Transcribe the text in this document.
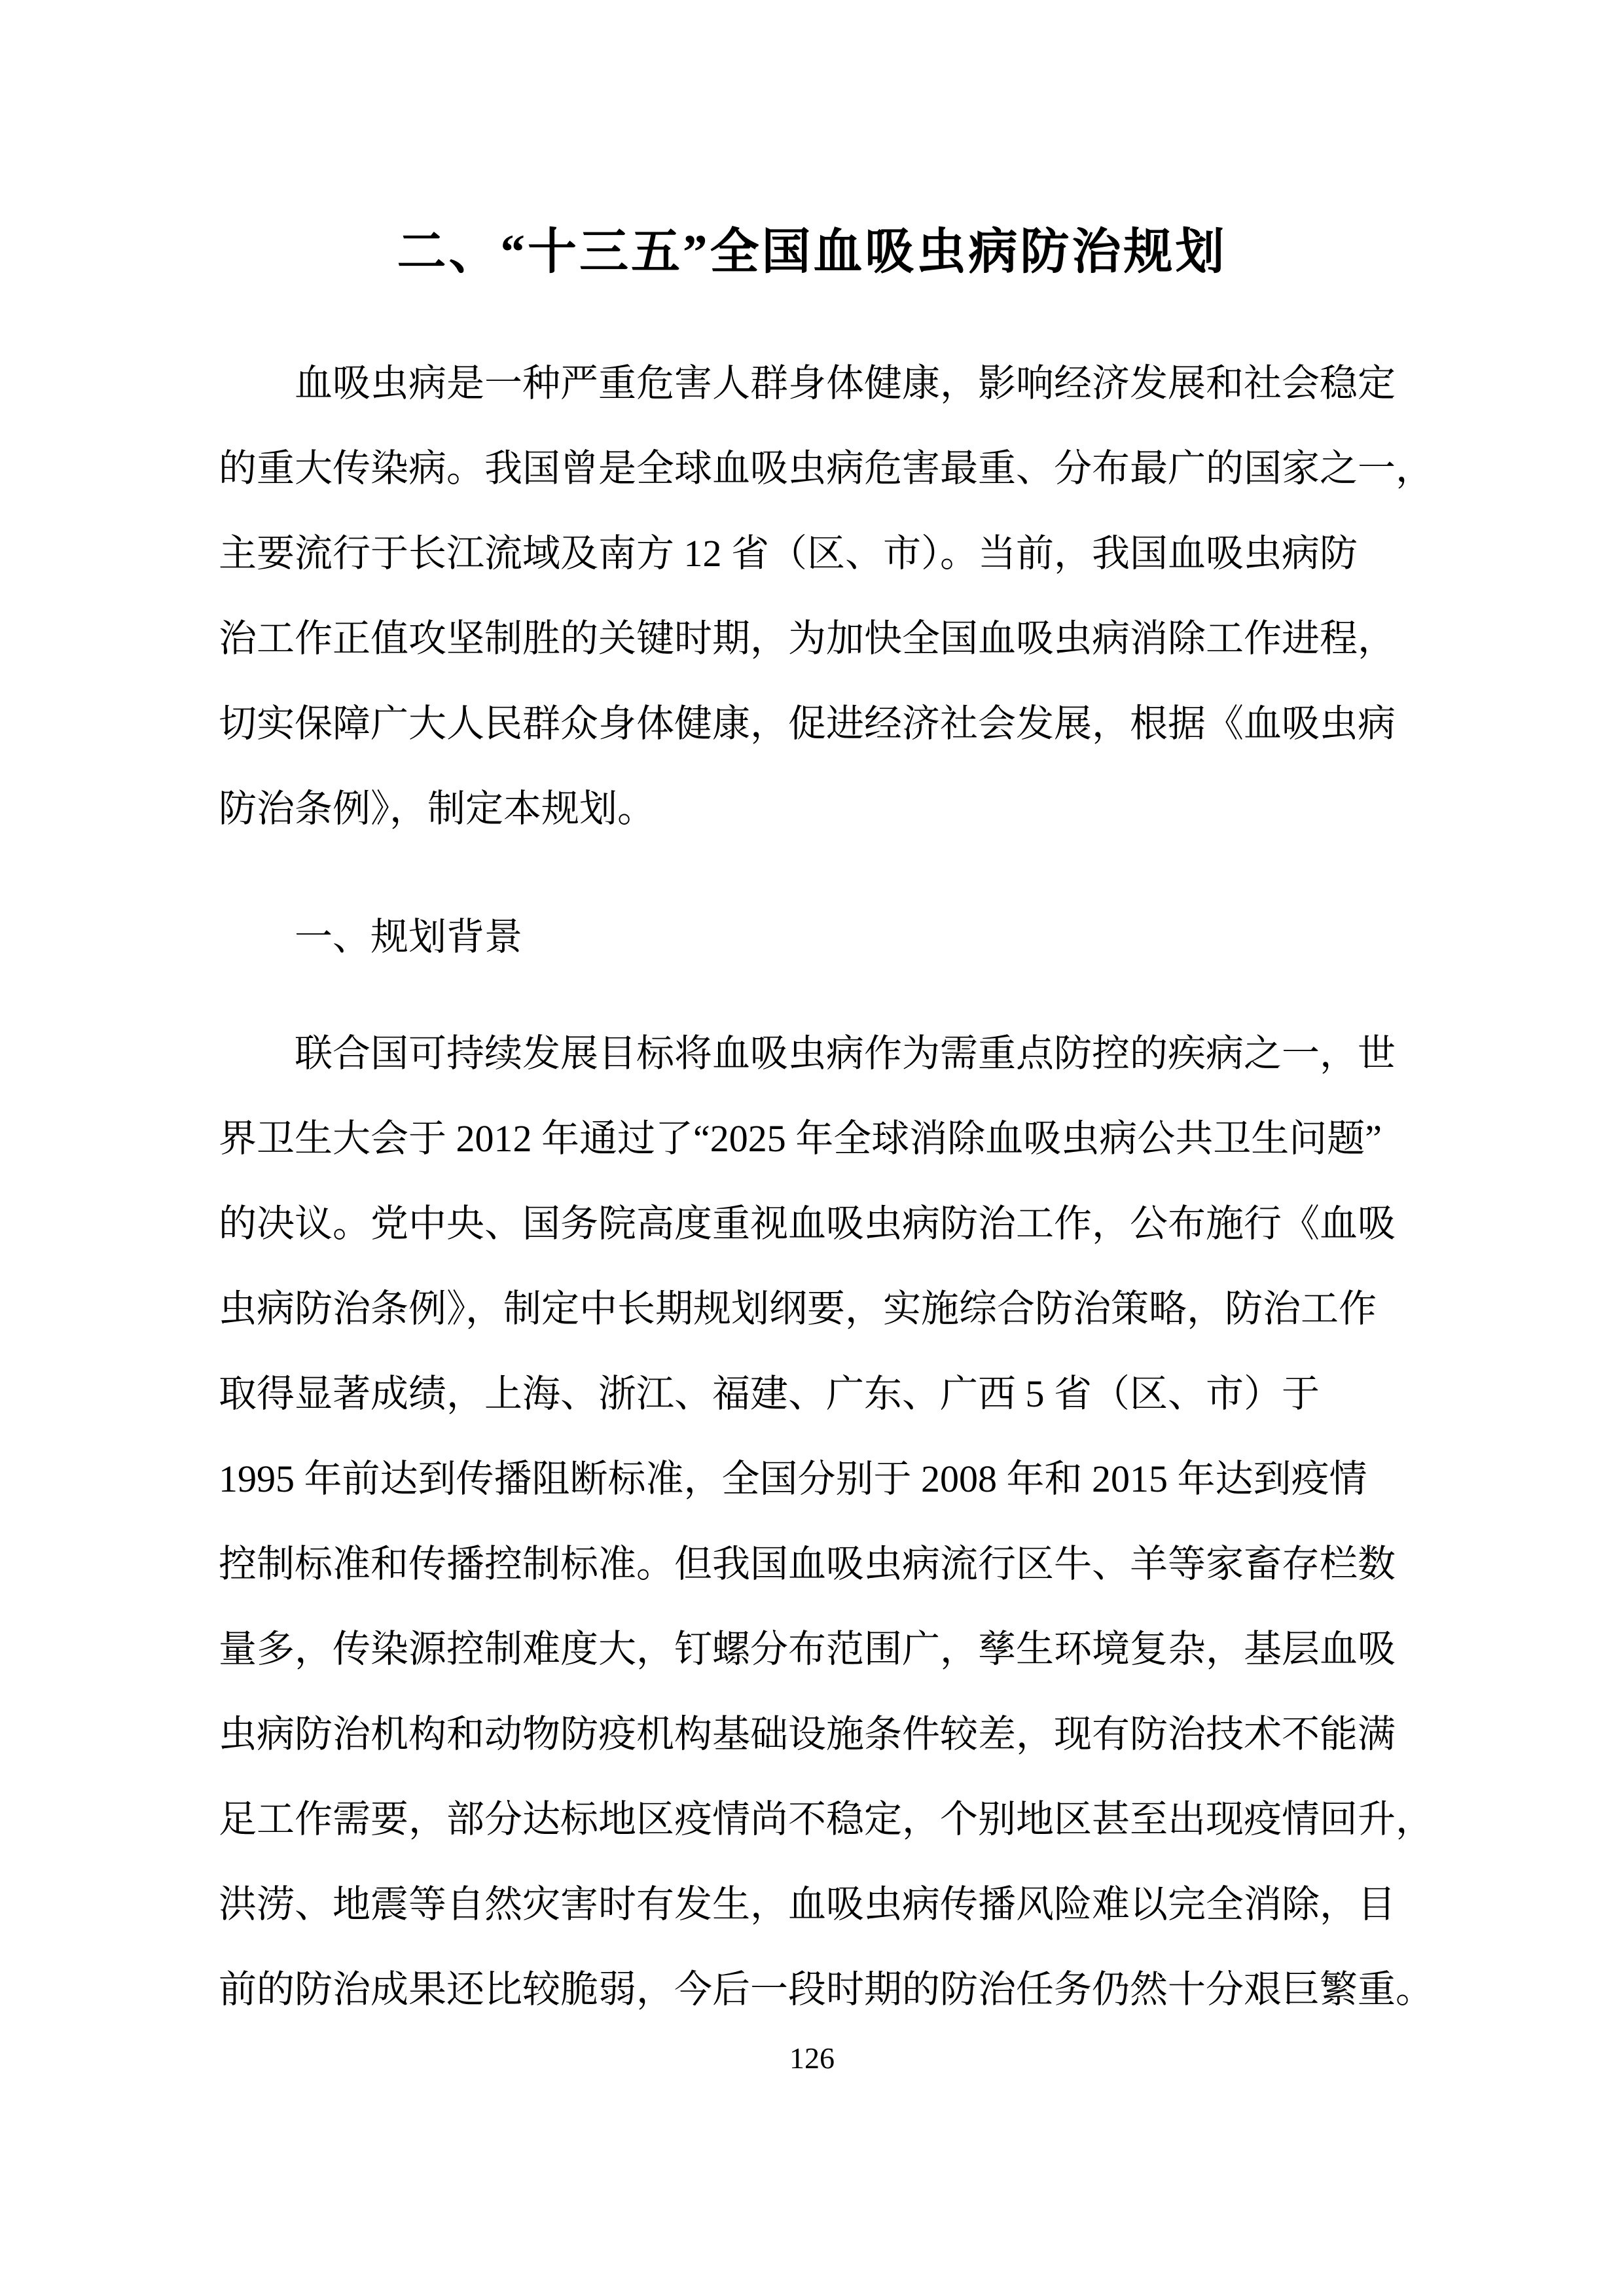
二、“十三五”全国血吸虫病防治规划
血吸虫病是一种严重危害人群身体健康，影响经济发展和社会稳定
的重大传染病。我国曾是全球血吸虫病危害最重、分布最广的国家之一，
主要流行于长江流域及南方 12 省（区、市）。当前，我国血吸虫病防
治工作正值攻坚制胜的关键时期，为加快全国血吸虫病消除工作进程，
切实保障广大人民群众身体健康，促进经济社会发展，根据《血吸虫病
防治条例》，制定本规划。
一、规划背景
联合国可持续发展目标将血吸虫病作为需重点防控的疾病之一，世
界卫生大会于 2012 年通过了“2025 年全球消除血吸虫病公共卫生问题”
的决议。党中央、国务院高度重视血吸虫病防治工作，公布施行《血吸
虫病防治条例》，制定中长期规划纲要，实施综合防治策略，防治工作
取得显著成绩，上海、浙江、福建、广东、广西 5 省（区、市）于
1995 年前达到传播阻断标准，全国分别于 2008 年和 2015 年达到疫情
控制标准和传播控制标准。但我国血吸虫病流行区牛、羊等家畜存栏数
量多，传染源控制难度大，钉螺分布范围广，孳生环境复杂，基层血吸
虫病防治机构和动物防疫机构基础设施条件较差，现有防治技术不能满
足工作需要，部分达标地区疫情尚不稳定，个别地区甚至出现疫情回升，
洪涝、地震等自然灾害时有发生，血吸虫病传播风险难以完全消除，目
前的防治成果还比较脆弱，今后一段时期的防治任务仍然十分艰巨繁重。
126
